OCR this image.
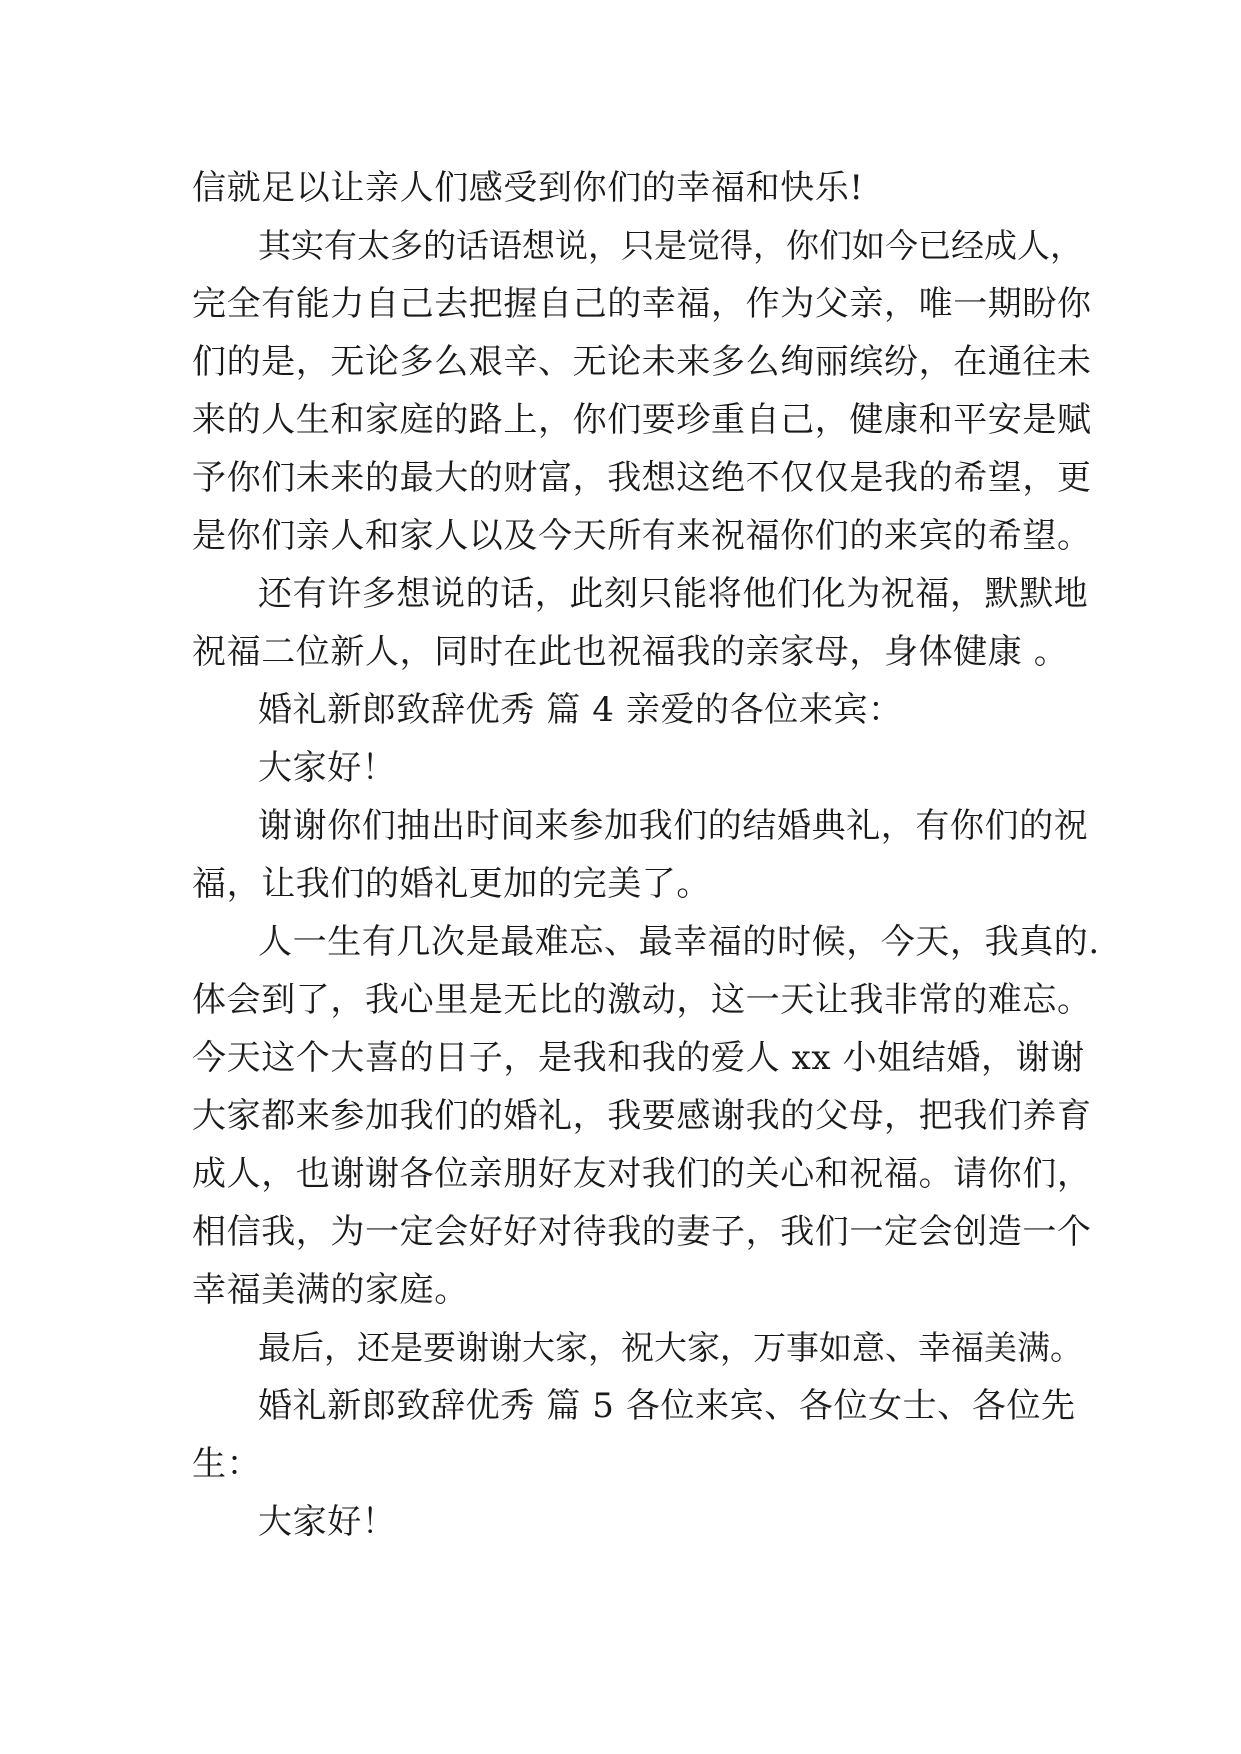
信就足以让亲人们感受到你们的幸福和快乐!
其实有太多的话语想说，只是觉得，你们如今已经成人，
完全有能力自己去把握自己的幸福，作为父亲，唯一期盼你
们的是，无论多么艰辛、无论未来多么绚丽缤纷，在通往未
来的人生和家庭的路上，你们要珍重自己，健康和平安是赋
予你们未来的最大的财富，我想这绝不仅仅是我的希望，更
是你们亲人和家人以及今天所有来祝福你们的来宾的希望。
还有许多想说的话，此刻只能将他们化为祝福，默默地
祝福二位新人，同时在此也祝福我的亲家母，身体健康 。
婚礼新郎致辞优秀 篇 4 亲爱的各位来宾：
大家好！
谢谢你们抽出时间来参加我们的结婚典礼，有你们的祝
福，让我们的婚礼更加的完美了。
人一生有几次是最难忘、最幸福的时候，今天，我真的.
体会到了，我心里是无比的激动，这一天让我非常的难忘。
今天这个大喜的日子，是我和我的爱人 xx 小姐结婚，谢谢
大家都来参加我们的婚礼，我要感谢我的父母，把我们养育
成人，也谢谢各位亲朋好友对我们的关心和祝福。请你们，
相信我，为一定会好好对待我的妻子，我们一定会创造一个
幸福美满的家庭。
最后，还是要谢谢大家，祝大家，万事如意、幸福美满。
婚礼新郎致辞优秀 篇 5 各位来宾、各位女士、各位先
生：
大家好！
